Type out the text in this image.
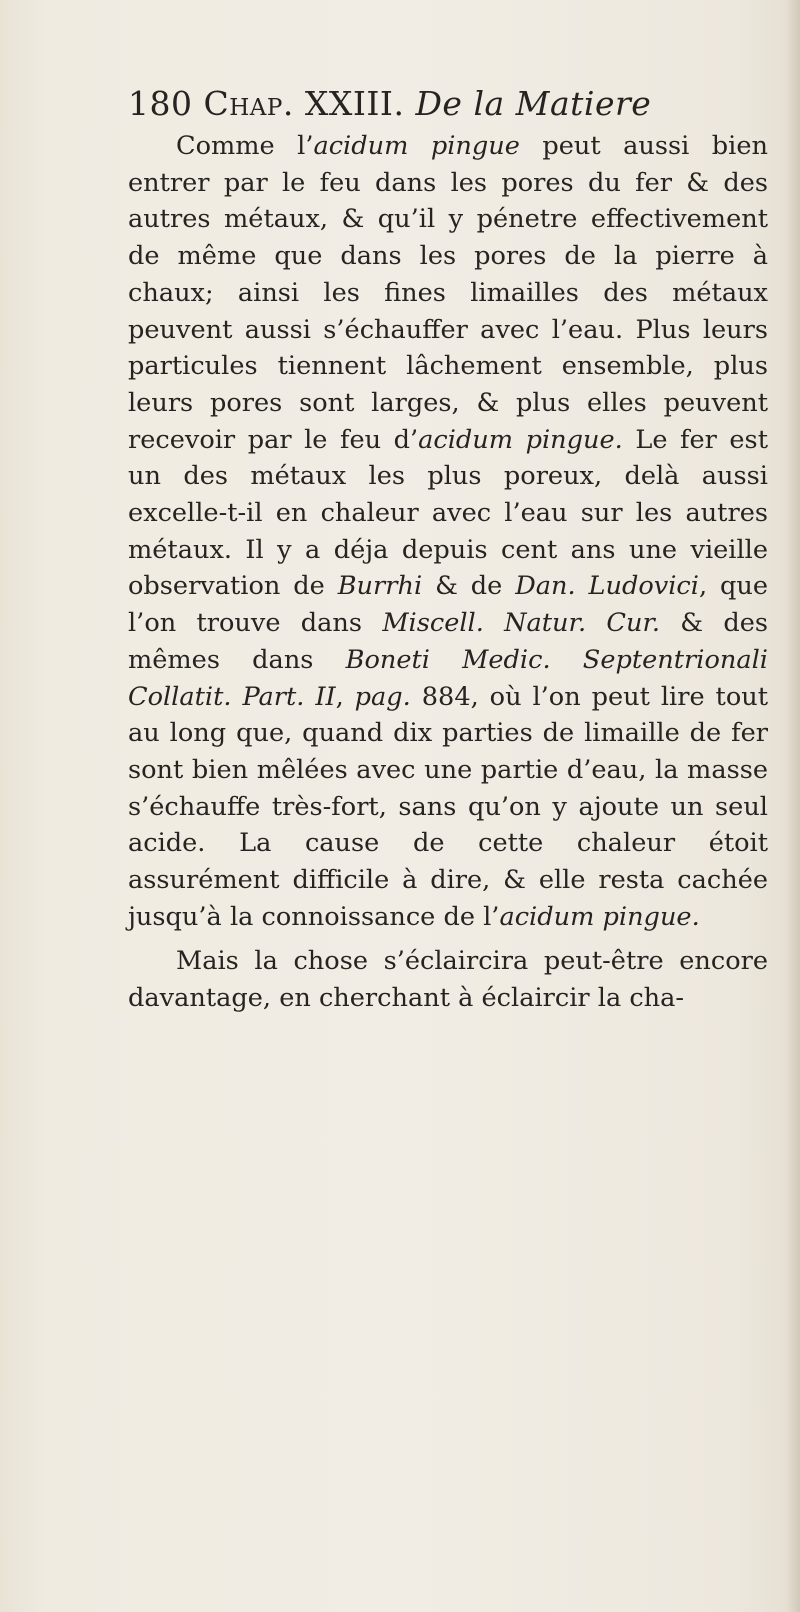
180 Chap. XXIII. De la Matiere

Comme l’acidum pingue peut aussi bien entrer par le feu dans les pores du fer & des autres métaux, & qu’il y pénetre effectivement de même que dans les pores de la pierre à chaux; ainsi les fines limailles des métaux peuvent aussi s’échauffer avec l’eau. Plus leurs particules tiennent lâchement ensemble, plus leurs pores sont larges, & plus elles peuvent recevoir par le feu d’acidum pingue. Le fer est un des métaux les plus poreux, delà aussi excelle-t-il en chaleur avec l’eau sur les autres métaux. Il y a déja depuis cent ans une vieille observation de Burrhi & de Dan. Ludovici, que l’on trouve dans Miscell. Natur. Cur. & des mêmes dans Boneti Medic. Septentrionali Collatit. Part. II, pag. 884, où l’on peut lire tout au long que, quand dix parties de limaille de fer sont bien mêlées avec une partie d’eau, la masse s’échauffe très-fort, sans qu’on y ajoute un seul acide. La cause de cette chaleur étoit assurément difficile à dire, & elle resta cachée jusqu’à la connoissance de l’acidum pingue.

Mais la chose s’éclaircira peut-être encore davantage, en cherchant à éclaircir la cha-
